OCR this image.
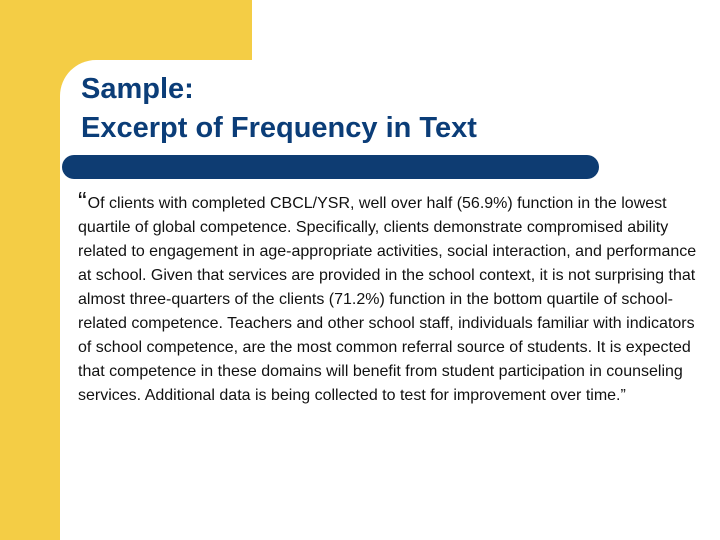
Sample:
Excerpt of Frequency in Text

“Of clients with completed CBCL/YSR, well over half (56.9%) function in the lowest quartile of global competence. Specifically, clients demonstrate compromised ability related to engagement in age-appropriate activities, social interaction, and performance at school. Given that services are provided in the school context, it is not surprising that almost three-quarters of the clients (71.2%) function in the bottom quartile of school-related competence. Teachers and other school staff, individuals familiar with indicators of school competence, are the most common referral source of students. It is expected that competence in these domains will benefit from student participation in counseling services. Additional data is being collected to test for improvement over time.”
